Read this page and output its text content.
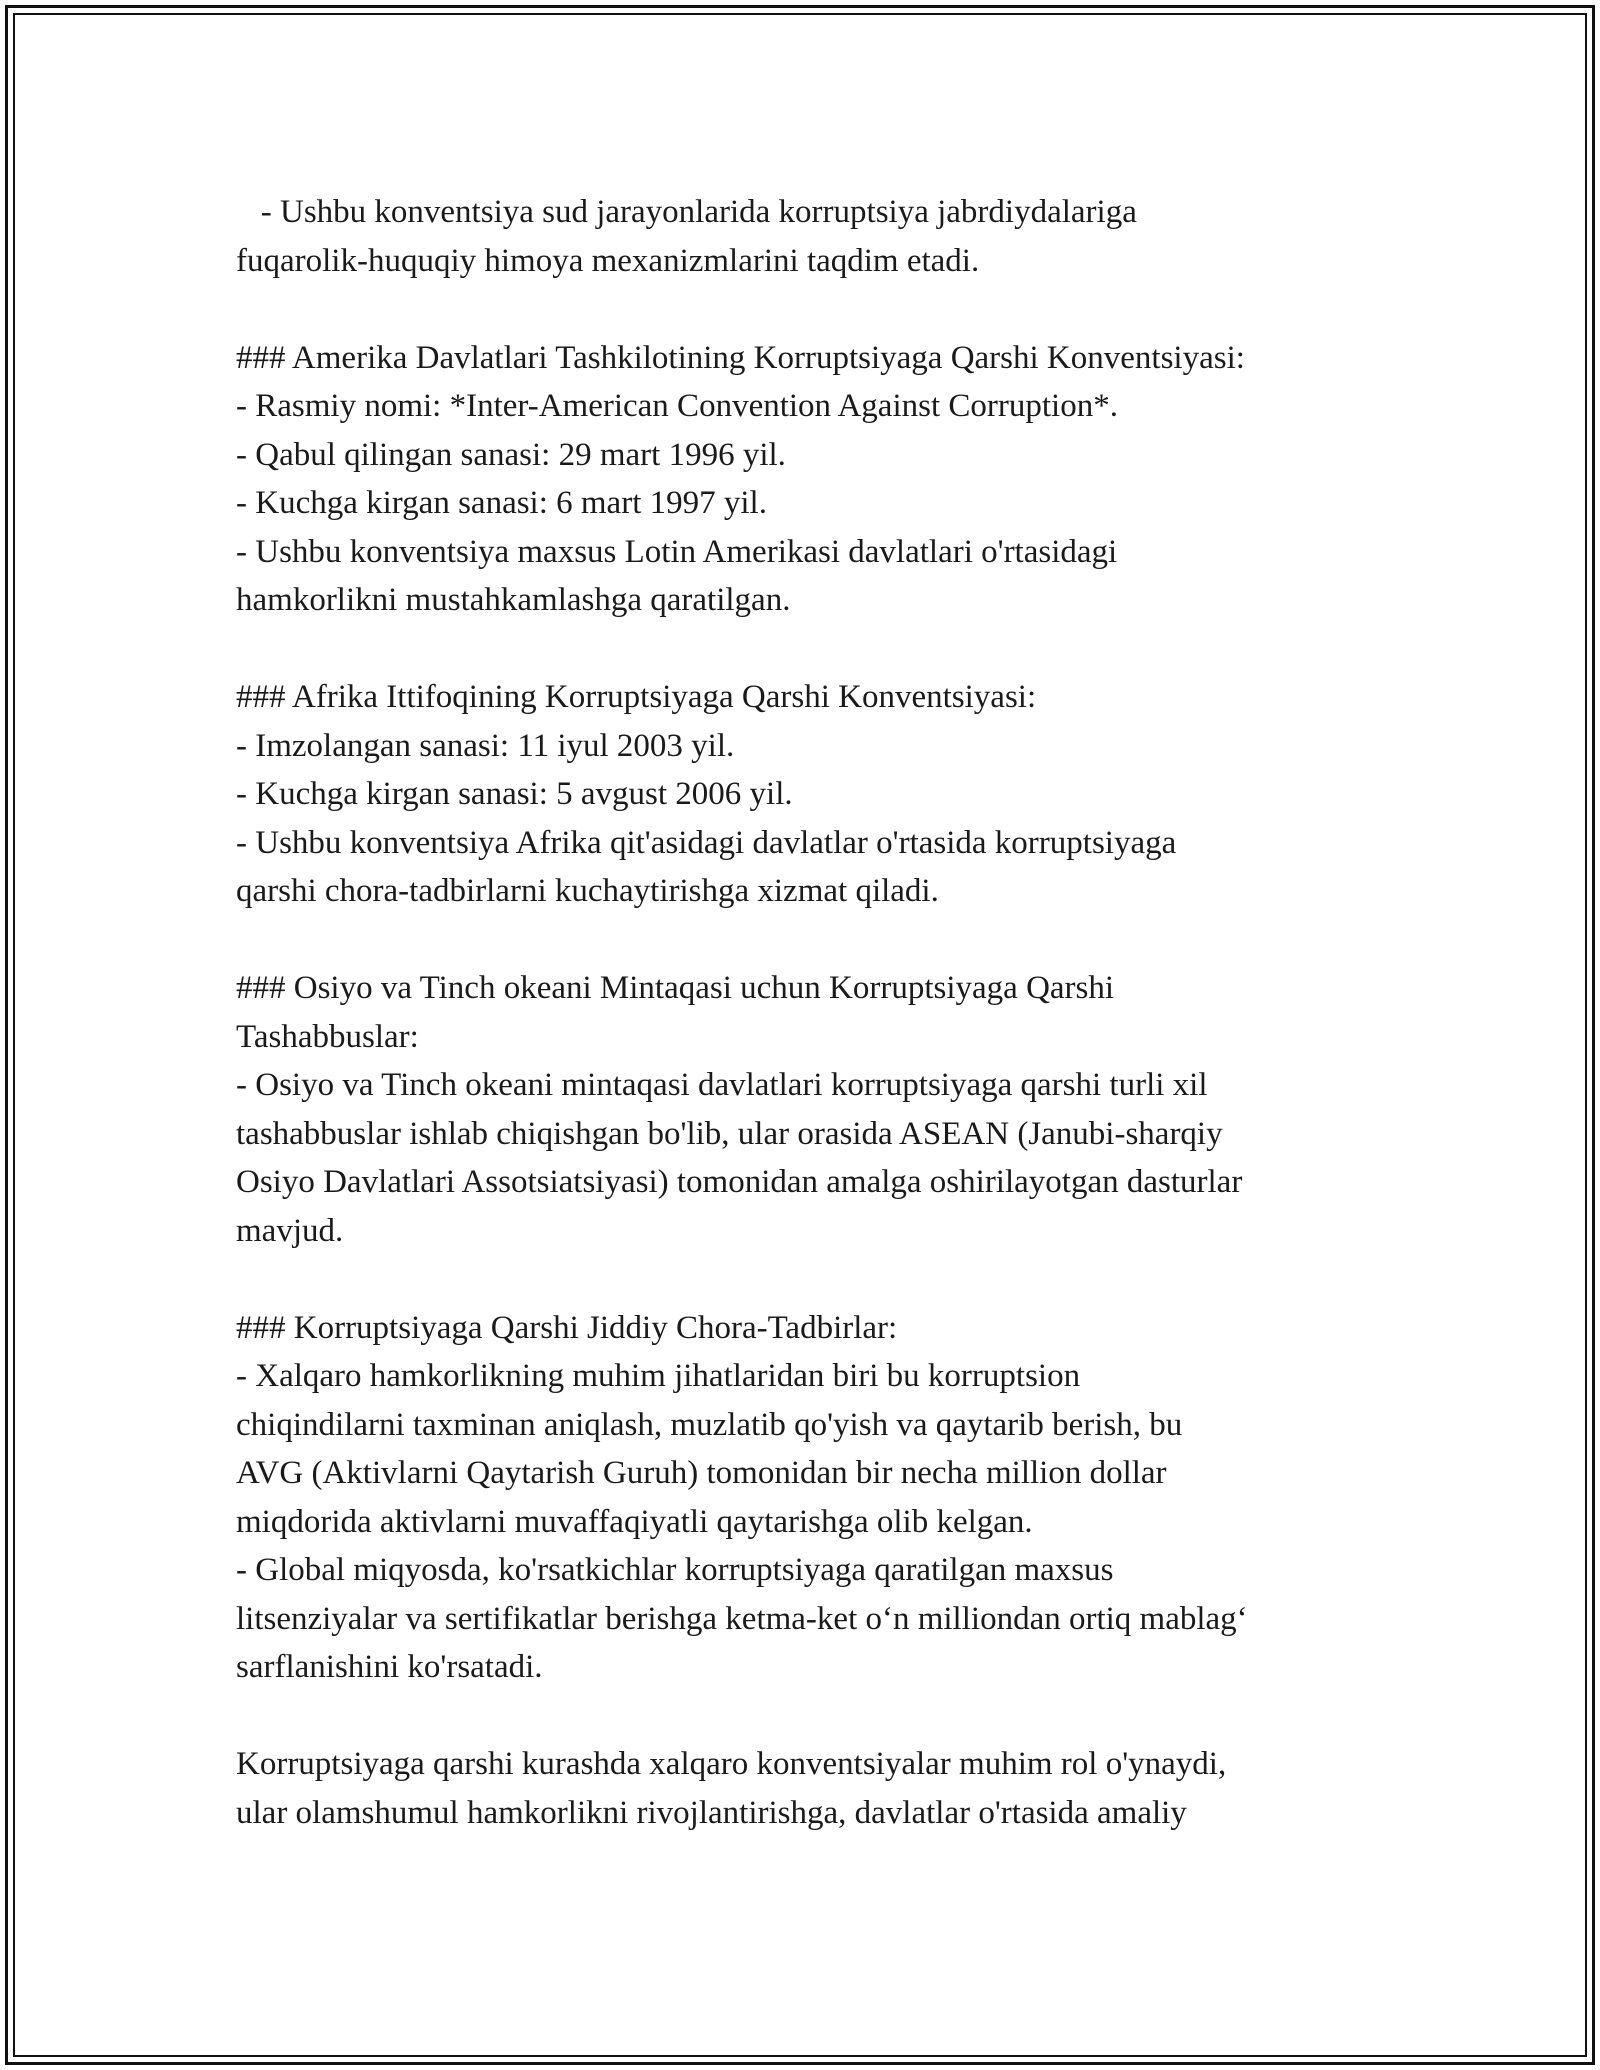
- Ushbu konventsiya sud jarayonlarida korruptsiya jabrdiydalariga
fuqarolik-huquqiy himoya mexanizmlarini taqdim etadi.
### Amerika Davlatlari Tashkilotining Korruptsiyaga Qarshi Konventsiyasi:
- Rasmiy nomi: *Inter-American Convention Against Corruption*.
- Qabul qilingan sanasi: 29 mart 1996 yil.
- Kuchga kirgan sanasi: 6 mart 1997 yil.
- Ushbu konventsiya maxsus Lotin Amerikasi davlatlari o'rtasidagi
hamkorlikni mustahkamlashga qaratilgan.
### Afrika Ittifoqining Korruptsiyaga Qarshi Konventsiyasi:
- Imzolangan sanasi: 11 iyul 2003 yil.
- Kuchga kirgan sanasi: 5 avgust 2006 yil.
- Ushbu konventsiya Afrika qit'asidagi davlatlar o'rtasida korruptsiyaga
qarshi chora-tadbirlarni kuchaytirishga xizmat qiladi.
### Osiyo va Tinch okeani Mintaqasi uchun Korruptsiyaga Qarshi
Tashabbuslar:
- Osiyo va Tinch okeani mintaqasi davlatlari korruptsiyaga qarshi turli xil
tashabbuslar ishlab chiqishgan bo'lib, ular orasida ASEAN (Janubi-sharqiy
Osiyo Davlatlari Assotsiatsiyasi) tomonidan amalga oshirilayotgan dasturlar
mavjud.
### Korruptsiyaga Qarshi Jiddiy Chora-Tadbirlar:
- Xalqaro hamkorlikning muhim jihatlaridan biri bu korruptsion
chiqindilarni taxminan aniqlash, muzlatib qo'yish va qaytarib berish, bu
AVG (Aktivlarni Qaytarish Guruh) tomonidan bir necha million dollar
miqdorida aktivlarni muvaffaqiyatli qaytarishga olib kelgan.
- Global miqyosda, ko'rsatkichlar korruptsiyaga qaratilgan maxsus
litsenziyalar va sertifikatlar berishga ketma-ket o‘n milliondan ortiq mablag‘
sarflanishini ko'rsatadi.
Korruptsiyaga qarshi kurashda xalqaro konventsiyalar muhim rol o'ynaydi,
ular olamshumul hamkorlikni rivojlantirishga, davlatlar o'rtasida amaliy
